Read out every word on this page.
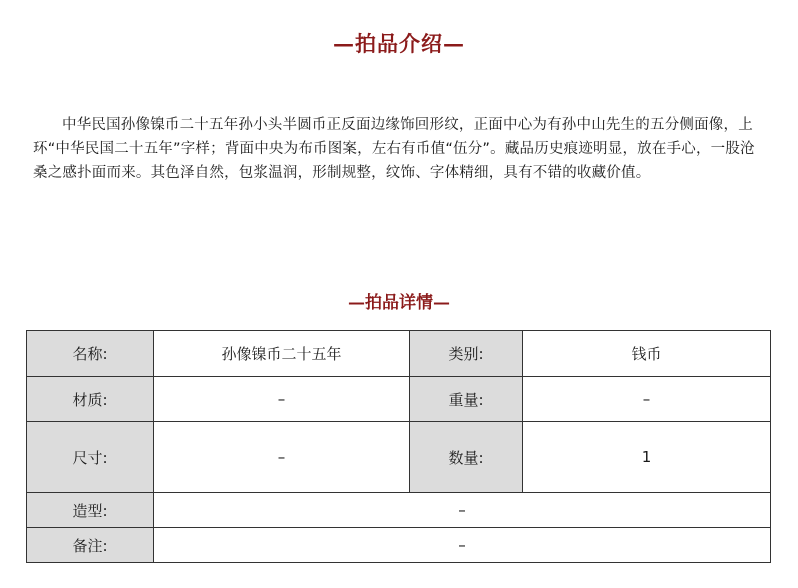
—拍品介绍—

中华民国孙像镍币二十五年孙小头半圆币正反面边缘饰回形纹，正面中心为有孙中山先生的五分侧面像，上环“中华民国二十五年”字样；背面中央为布币图案，左右有币值“伍分”。藏品历史痕迹明显，放在手心，一股沧桑之感扑面而来。其色泽自然，包浆温润，形制规整，纹饰、字体精细，具有不错的收藏价值。

—拍品详情—
名称:	孙像镍币二十五年	类别:	钱币
材质:	–	重量:	–
尺寸:	–	数量:	1
造型:	–		
备注:	–		
